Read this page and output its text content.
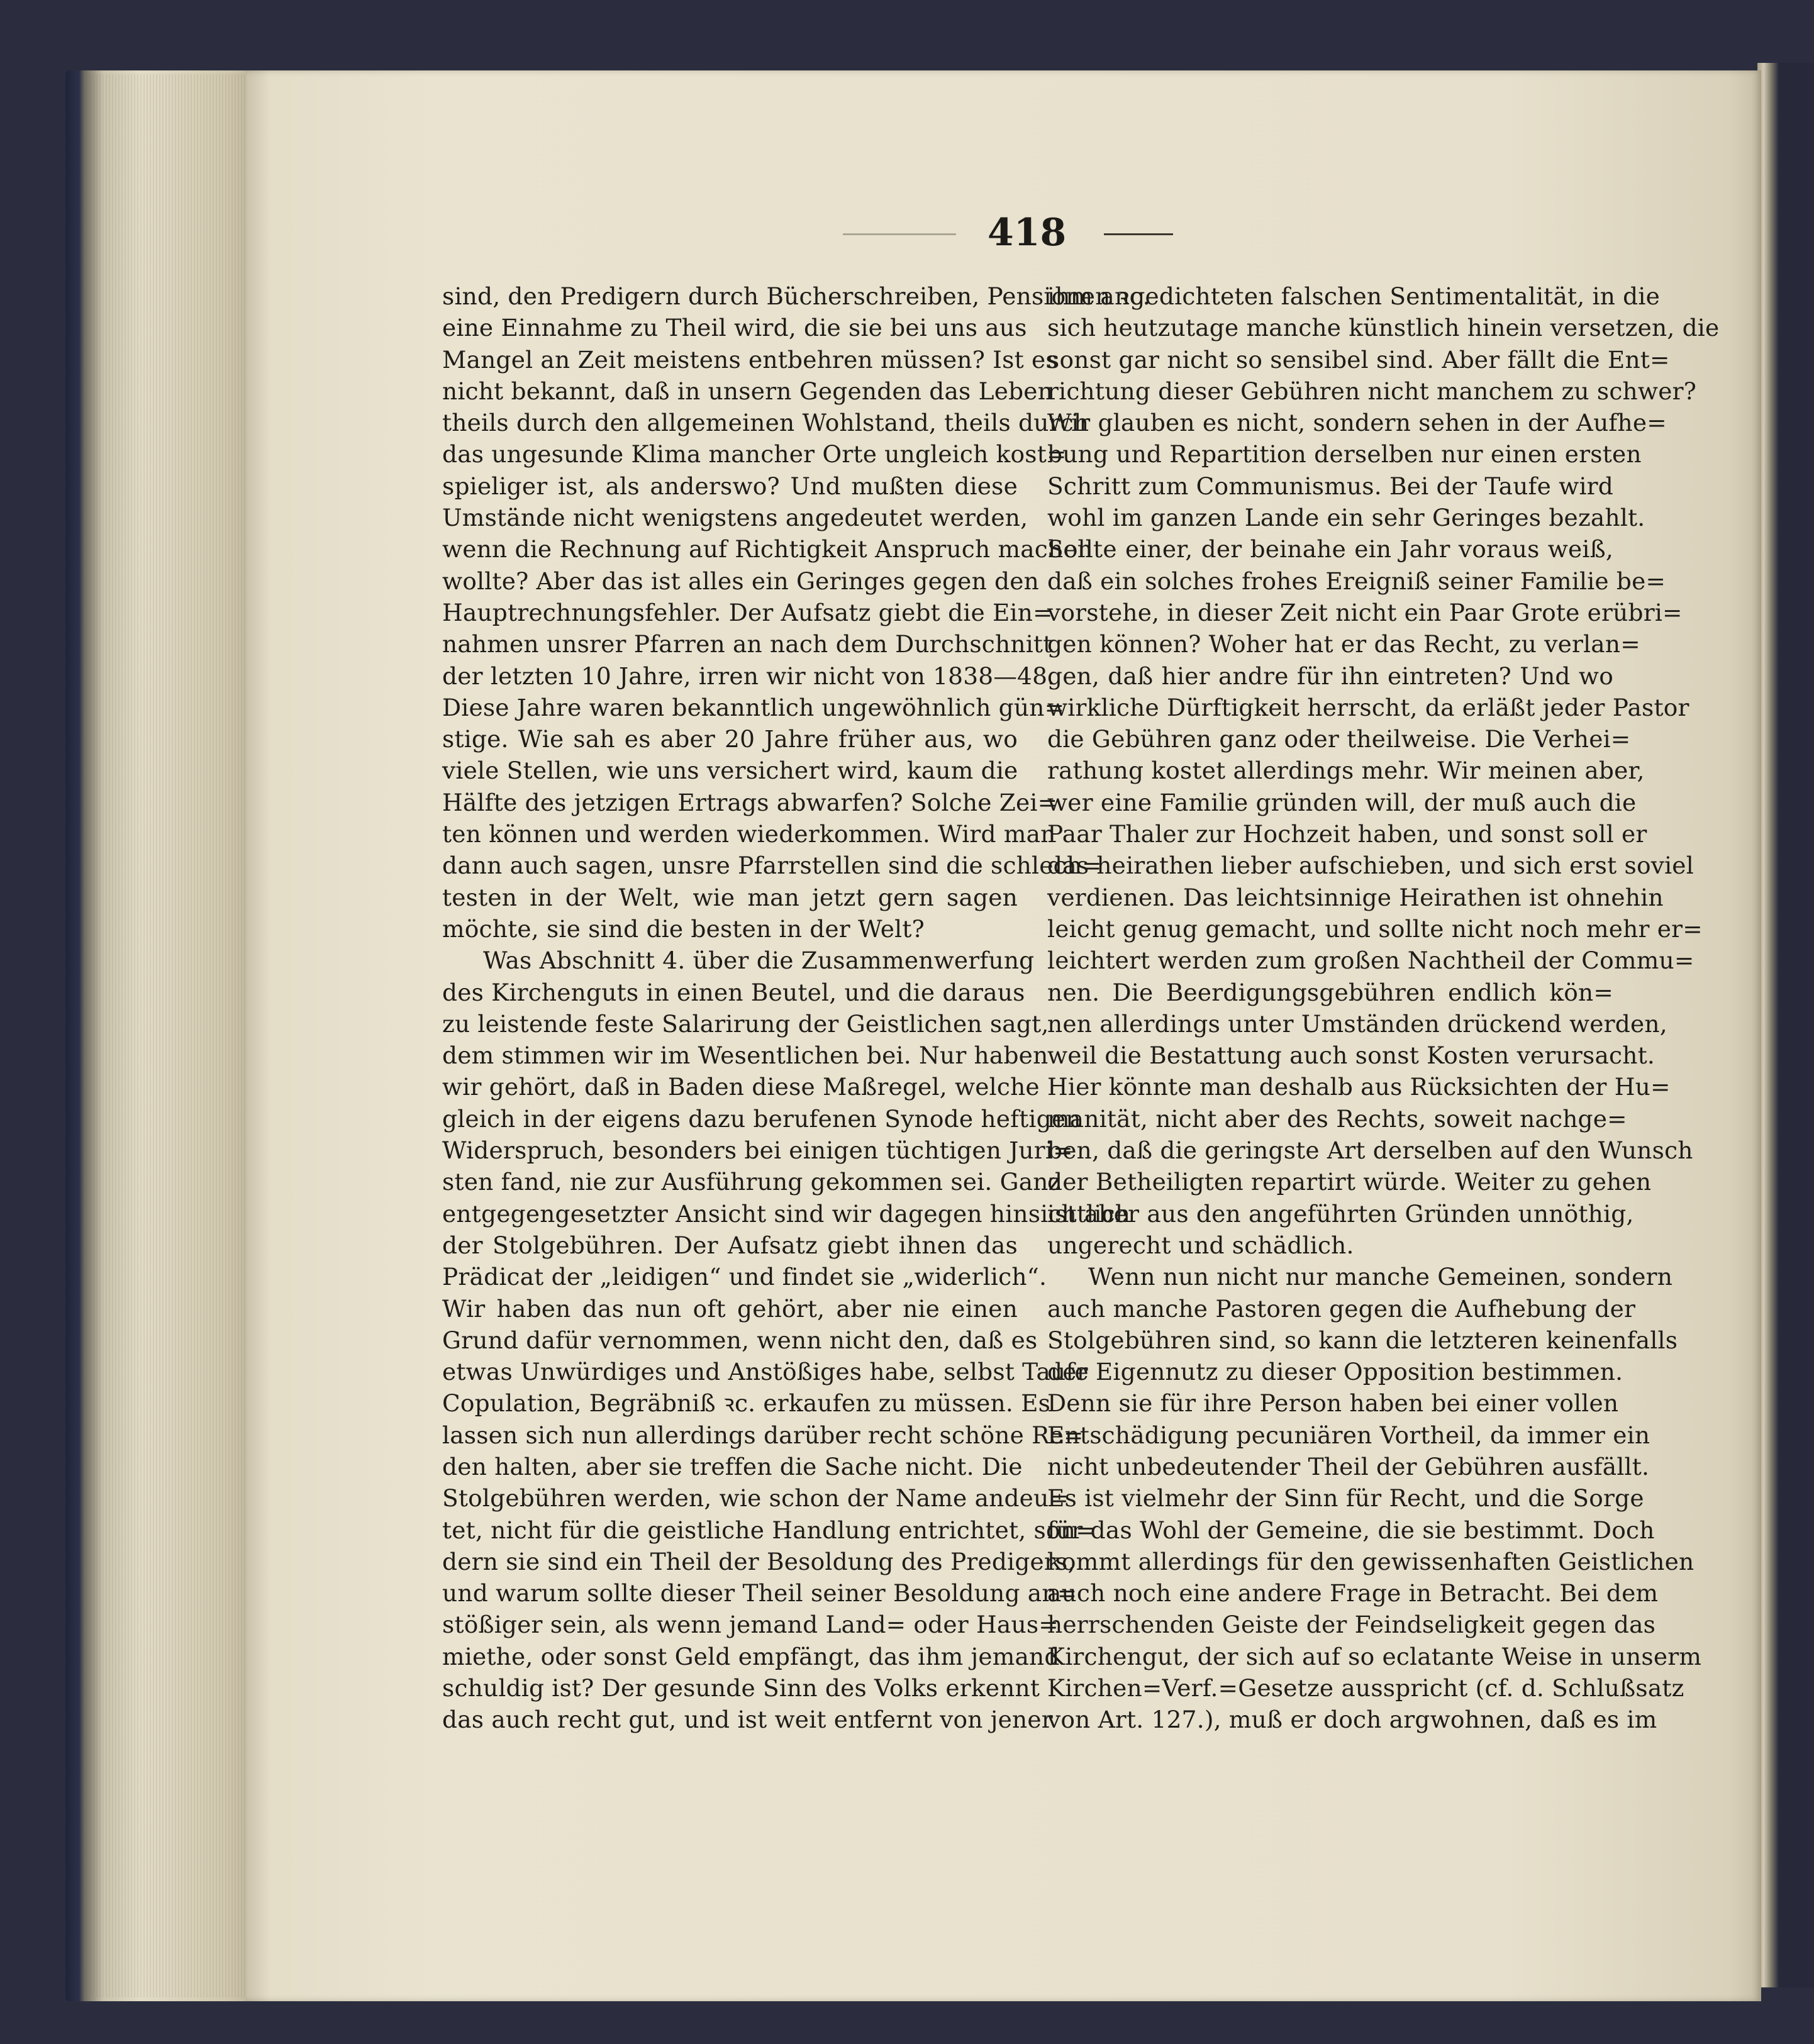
418
sind, den Predigern durch Bücherschreiben, Pensionen ꝛc.
eine Einnahme zu Theil wird, die sie bei uns aus
Mangel an Zeit meistens entbehren müssen? Ist es
nicht bekannt, daß in unsern Gegenden das Leben
theils durch den allgemeinen Wohlstand, theils durch
das ungesunde Klima mancher Orte ungleich kost=
spieliger ist, als anderswo? Und mußten diese
Umstände nicht wenigstens angedeutet werden,
wenn die Rechnung auf Richtigkeit Anspruch machen
wollte? Aber das ist alles ein Geringes gegen den
Hauptrechnungsfehler. Der Aufsatz giebt die Ein=
nahmen unsrer Pfarren an nach dem Durchschnitt
der letzten 10 Jahre, irren wir nicht von 1838—48.
Diese Jahre waren bekanntlich ungewöhnlich gün=
stige. Wie sah es aber 20 Jahre früher aus, wo
viele Stellen, wie uns versichert wird, kaum die
Hälfte des jetzigen Ertrags abwarfen? Solche Zei=
ten können und werden wiederkommen. Wird man
dann auch sagen, unsre Pfarrstellen sind die schlech=
testen in der Welt, wie man jetzt gern sagen
möchte, sie sind die besten in der Welt?
Was Abschnitt 4. über die Zusammenwerfung
des Kirchenguts in einen Beutel, und die daraus
zu leistende feste Salarirung der Geistlichen sagt,
dem stimmen wir im Wesentlichen bei. Nur haben
wir gehört, daß in Baden diese Maßregel, welche
gleich in der eigens dazu berufenen Synode heftigen
Widerspruch, besonders bei einigen tüchtigen Juri=
sten fand, nie zur Ausführung gekommen sei. Ganz
entgegengesetzter Ansicht sind wir dagegen hinsichtlich
der Stolgebühren. Der Aufsatz giebt ihnen das
Prädicat der „leidigen“ und findet sie „widerlich“.
Wir haben das nun oft gehört, aber nie einen
Grund dafür vernommen, wenn nicht den, daß es
etwas Unwürdiges und Anstößiges habe, selbst Taufe
Copulation, Begräbniß ꝛc. erkaufen zu müssen. Es
lassen sich nun allerdings darüber recht schöne Re=
den halten, aber sie treffen die Sache nicht. Die
Stolgebühren werden, wie schon der Name andeu=
tet, nicht für die geistliche Handlung entrichtet, son=
dern sie sind ein Theil der Besoldung des Predigers,
und warum sollte dieser Theil seiner Besoldung an=
stößiger sein, als wenn jemand Land= oder Haus=
miethe, oder sonst Geld empfängt, das ihm jemand
schuldig ist? Der gesunde Sinn des Volks erkennt
das auch recht gut, und ist weit entfernt von jener
ihm angedichteten falschen Sentimentalität, in die
sich heutzutage manche künstlich hinein versetzen, die
sonst gar nicht so sensibel sind. Aber fällt die Ent=
richtung dieser Gebühren nicht manchem zu schwer?
Wir glauben es nicht, sondern sehen in der Aufhe=
bung und Repartition derselben nur einen ersten
Schritt zum Communismus. Bei der Taufe wird
wohl im ganzen Lande ein sehr Geringes bezahlt.
Sollte einer, der beinahe ein Jahr voraus weiß,
daß ein solches frohes Ereigniß seiner Familie be=
vorstehe, in dieser Zeit nicht ein Paar Grote erübri=
gen können? Woher hat er das Recht, zu verlan=
gen, daß hier andre für ihn eintreten? Und wo
wirkliche Dürftigkeit herrscht, da erläßt jeder Pastor
die Gebühren ganz oder theilweise. Die Verhei=
rathung kostet allerdings mehr. Wir meinen aber,
wer eine Familie gründen will, der muß auch die
Paar Thaler zur Hochzeit haben, und sonst soll er
das heirathen lieber aufschieben, und sich erst soviel
verdienen. Das leichtsinnige Heirathen ist ohnehin
leicht genug gemacht, und sollte nicht noch mehr er=
leichtert werden zum großen Nachtheil der Commu=
nen. Die Beerdigungsgebühren endlich kön=
nen allerdings unter Umständen drückend werden,
weil die Bestattung auch sonst Kosten verursacht.
Hier könnte man deshalb aus Rücksichten der Hu=
manität, nicht aber des Rechts, soweit nachge=
ben, daß die geringste Art derselben auf den Wunsch
der Betheiligten repartirt würde. Weiter zu gehen
ist aber aus den angeführten Gründen unnöthig,
ungerecht und schädlich.
Wenn nun nicht nur manche Gemeinen, sondern
auch manche Pastoren gegen die Aufhebung der
Stolgebühren sind, so kann die letzteren keinenfalls
der Eigennutz zu dieser Opposition bestimmen.
Denn sie für ihre Person haben bei einer vollen
Entschädigung pecuniären Vortheil, da immer ein
nicht unbedeutender Theil der Gebühren ausfällt.
Es ist vielmehr der Sinn für Recht, und die Sorge
für das Wohl der Gemeine, die sie bestimmt. Doch
kommt allerdings für den gewissenhaften Geistlichen
auch noch eine andere Frage in Betracht. Bei dem
herrschenden Geiste der Feindseligkeit gegen das
Kirchengut, der sich auf so eclatante Weise in unserm
Kirchen=Verf.=Gesetze ausspricht (cf. d. Schlußsatz
von Art. 127.), muß er doch argwohnen, daß es im
